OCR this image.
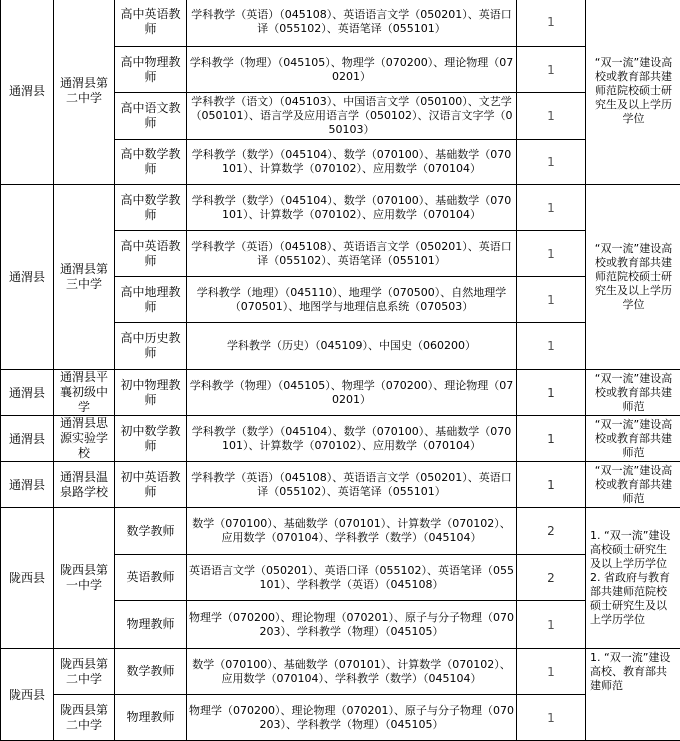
通渭县	通渭县第二中学	高中英语教师	学科教学（英语）（045108）、英语语言文学（050201）、英语口译（055102）、英语笔译（055101）	1	“双一流”建设高校或教育部共建师范院校硕士研究生及以上学历学位
		高中物理教师	学科教学（物理）（045105）、物理学（070200）、理论物理（070201）	1	
		高中语文教师	学科教学（语文）（045103）、中国语言文学（050100）、文艺学（050101）、语言学及应用语言学（050102）、汉语言文字学（050103）	1	
		高中数学教师	学科教学（数学）（045104）、数学（070100）、基础数学（070101）、计算数学（070102）、应用数学（070104）	1	
通渭县	通渭县第三中学	高中数学教师	学科教学（数学）（045104）、数学（070100）、基础数学（070101）、计算数学（070102）、应用数学（070104）	1	“双一流”建设高校或教育部共建师范院校硕士研究生及以上学历学位
		高中英语教师	学科教学（英语）（045108）、英语语言文学（050201）、英语口译（055102）、英语笔译（055101）	1	
		高中地理教师	学科教学（地理）（045110）、地理学（070500）、自然地理学（070501）、地图学与地理信息系统（070503）	1	
		高中历史教师	学科教学（历史）（045109）、中国史（060200）	1	
通渭县	通渭县平襄初级中学	初中物理教师	学科教学（物理）（045105）、物理学（070200）、理论物理（070201）	1	“双一流”建设高校或教育部共建师范
通渭县	通渭县思源实验学校	初中数学教师	学科教学（数学）（045104）、数学（070100）、基础数学（070101）、计算数学（070102）、应用数学（070104）	1	“双一流”建设高校或教育部共建师范
通渭县	通渭县温泉路学校	初中英语教师	学科教学（英语）（045108）、英语语言文学（050201）、英语口译（055102）、英语笔译（055101）	1	“双一流”建设高校或教育部共建师范
陇西县	陇西县第一中学	数学教师	数学（070100）、基础数学（070101）、计算数学（070102）、应用数学（070104）、学科教学（数学）（045104）	2	1. “双一流”建设高校硕士研究生及以上学历学位 2. 省政府与教育部共建师范院校硕士研究生及以上学历学位
		英语教师	英语语言文学（050201）、英语口译（055102）、英语笔译（055101）、学科教学（英语）（045108）	2	
		物理教师	物理学（070200）、理论物理（070201）、原子与分子物理（070203）、学科教学（物理）（045105）	1	
陇西县	陇西县第二中学	数学教师	数学（070100）、基础数学（070101）、计算数学（070102）、应用数学（070104）、学科教学（数学）（045104）	1	1. “双一流”建设高校、教育部共建师范
	陇西县第二中学	物理教师	物理学（070200）、理论物理（070201）、原子与分子物理（070203）、学科教学（物理）（045105）	1	
